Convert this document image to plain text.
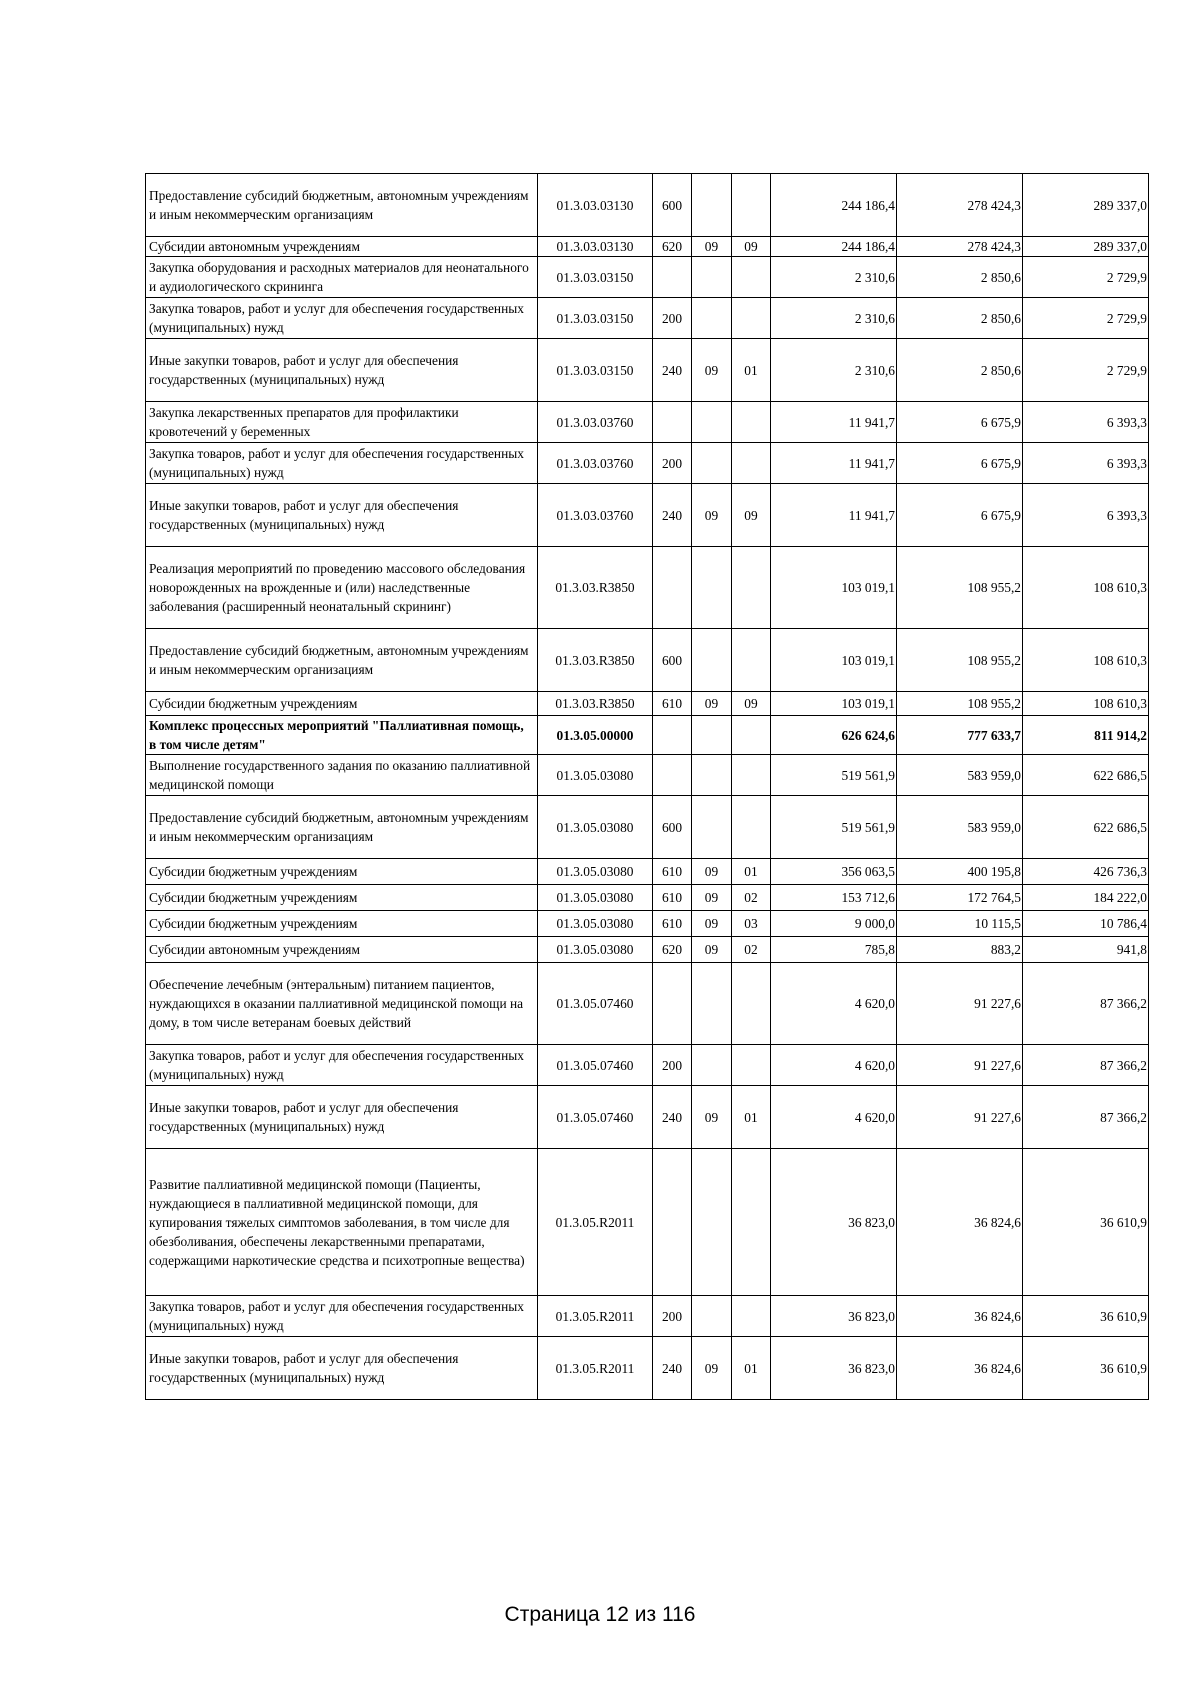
Предоставление субсидий бюджетным, автономным учреждениям и иным некоммерческим организациям	01.3.03.03130	600			244 186,4	278 424,3	289 337,0
Субсидии автономным учреждениям	01.3.03.03130	620	09	09	244 186,4	278 424,3	289 337,0
Закупка оборудования и расходных материалов для неонатального и аудиологического скрининга	01.3.03.03150				2 310,6	2 850,6	2 729,9
Закупка товаров, работ и услуг для обеспечения государственных (муниципальных) нужд	01.3.03.03150	200			2 310,6	2 850,6	2 729,9
Иные закупки товаров, работ и услуг для обеспечения государственных (муниципальных) нужд	01.3.03.03150	240	09	01	2 310,6	2 850,6	2 729,9
Закупка лекарственных препаратов для профилактики кровотечений у беременных	01.3.03.03760				11 941,7	6 675,9	6 393,3
Закупка товаров, работ и услуг для обеспечения государственных (муниципальных) нужд	01.3.03.03760	200			11 941,7	6 675,9	6 393,3
Иные закупки товаров, работ и услуг для обеспечения государственных (муниципальных) нужд	01.3.03.03760	240	09	09	11 941,7	6 675,9	6 393,3
Реализация мероприятий по проведению массового обследования новорожденных на врожденные и (или) наследственные заболевания (расширенный неонатальный скрининг)	01.3.03.R3850				103 019,1	108 955,2	108 610,3
Предоставление субсидий бюджетным, автономным учреждениям и иным некоммерческим организациям	01.3.03.R3850	600			103 019,1	108 955,2	108 610,3
Субсидии бюджетным учреждениям	01.3.03.R3850	610	09	09	103 019,1	108 955,2	108 610,3
Комплекс процессных мероприятий "Паллиативная помощь, в том числе детям"	01.3.05.00000				626 624,6	777 633,7	811 914,2
Выполнение государственного задания по оказанию паллиативной медицинской помощи	01.3.05.03080				519 561,9	583 959,0	622 686,5
Предоставление субсидий бюджетным, автономным учреждениям и иным некоммерческим организациям	01.3.05.03080	600			519 561,9	583 959,0	622 686,5
Субсидии бюджетным учреждениям	01.3.05.03080	610	09	01	356 063,5	400 195,8	426 736,3
Субсидии бюджетным учреждениям	01.3.05.03080	610	09	02	153 712,6	172 764,5	184 222,0
Субсидии бюджетным учреждениям	01.3.05.03080	610	09	03	9 000,0	10 115,5	10 786,4
Субсидии автономным учреждениям	01.3.05.03080	620	09	02	785,8	883,2	941,8
Обеспечение лечебным (энтеральным) питанием пациентов, нуждающихся в оказании паллиативной медицинской помощи на дому, в том числе ветеранам боевых действий	01.3.05.07460				4 620,0	91 227,6	87 366,2
Закупка товаров, работ и услуг для обеспечения государственных (муниципальных) нужд	01.3.05.07460	200			4 620,0	91 227,6	87 366,2
Иные закупки товаров, работ и услуг для обеспечения государственных (муниципальных) нужд	01.3.05.07460	240	09	01	4 620,0	91 227,6	87 366,2
Развитие паллиативной медицинской помощи (Пациенты, нуждающиеся в паллиативной медицинской помощи, для купирования тяжелых симптомов заболевания, в том числе для обезболивания, обеспечены лекарственными препаратами, содержащими наркотические средства и психотропные вещества)	01.3.05.R2011				36 823,0	36 824,6	36 610,9
Закупка товаров, работ и услуг для обеспечения государственных (муниципальных) нужд	01.3.05.R2011	200			36 823,0	36 824,6	36 610,9
Иные закупки товаров, работ и услуг для обеспечения государственных (муниципальных) нужд	01.3.05.R2011	240	09	01	36 823,0	36 824,6	36 610,9
Страница 12 из 116
